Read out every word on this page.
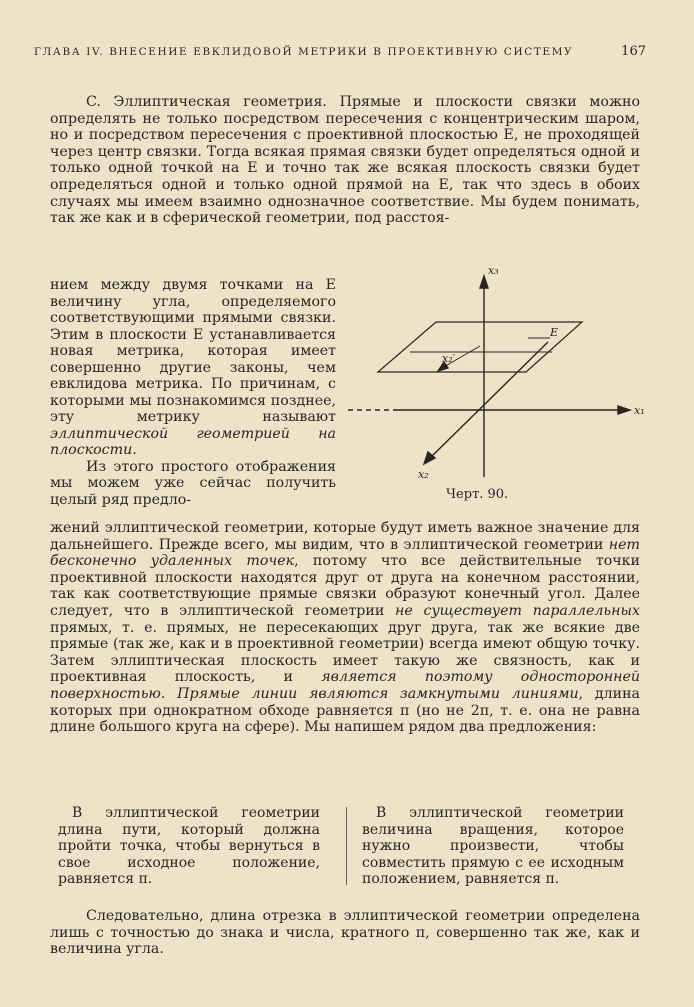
ГЛАВА IV. ВНЕСЕНИЕ ЕВКЛИДОВОЙ МЕТРИКИ В ПРОЕКТИВНУЮ СИСТЕМУ	167
C. Эллиптическая геометрия. Прямые и плоскости связки можно определять не только посредством пересечения с концентрическим шаром, но и посредством пересечения с проективной плоскостью E, не проходящей через центр связки. Тогда всякая прямая связки будет определяться одной и только одной точкой на E и точно так же всякая плоскость связки будет определяться одной и только одной прямой на E, так что здесь в обоих случаях мы имеем взаимно однозначное соответствие. Мы будем понимать, так же как и в сферической геометрии, под расстоя-
нием между двумя точками на E величину угла, определяемого соответствующими прямыми связки. Этим в плоскости E устанавливается новая метрика, которая имеет совершенно другие законы, чем евклидова метрика. По причинам, с которыми мы познакомимся позднее, эту метрику называют эллиптической геометрией на плоскости.
Из этого простого отображения мы можем уже сейчас получить целый ряд предло-
x₃
x₁
x₂
E
x₂′
Черт. 90.
жений эллиптической геометрии, которые будут иметь важное значение для дальнейшего. Прежде всего, мы видим, что в эллиптической геометрии нет бесконечно удаленных точек, потому что все действительные точки проективной плоскости находятся друг от друга на конечном расстоянии, так как соответствующие прямые связки образуют конечный угол. Далее следует, что в эллиптической геометрии не существует параллельных прямых, т. е. прямых, не пересекающих друг друга, так же всякие две прямые (так же, как и в проективной геометрии) всегда имеют общую точку. Затем эллиптическая плоскость имеет такую же связность, как и проективная плоскость, и является поэтому односторонней поверхностью. Прямые линии являются замкнутыми линиями, длина которых при однократном обходе равняется π (но не 2π, т. е. она не равна длине большого круга на сфере). Мы напишем рядом два предложения:
В эллиптической геометрии длина пути, который должна пройти точка, чтобы вернуться в свое исходное положение, равняется π.
В эллиптической геометрии величина вращения, которое нужно произвести, чтобы совместить прямую с ее исходным положением, равняется π.
Следовательно, длина отрезка в эллиптической геометрии определена лишь с точностью до знака и числа, кратного π, совершенно так же, как и величина угла.
